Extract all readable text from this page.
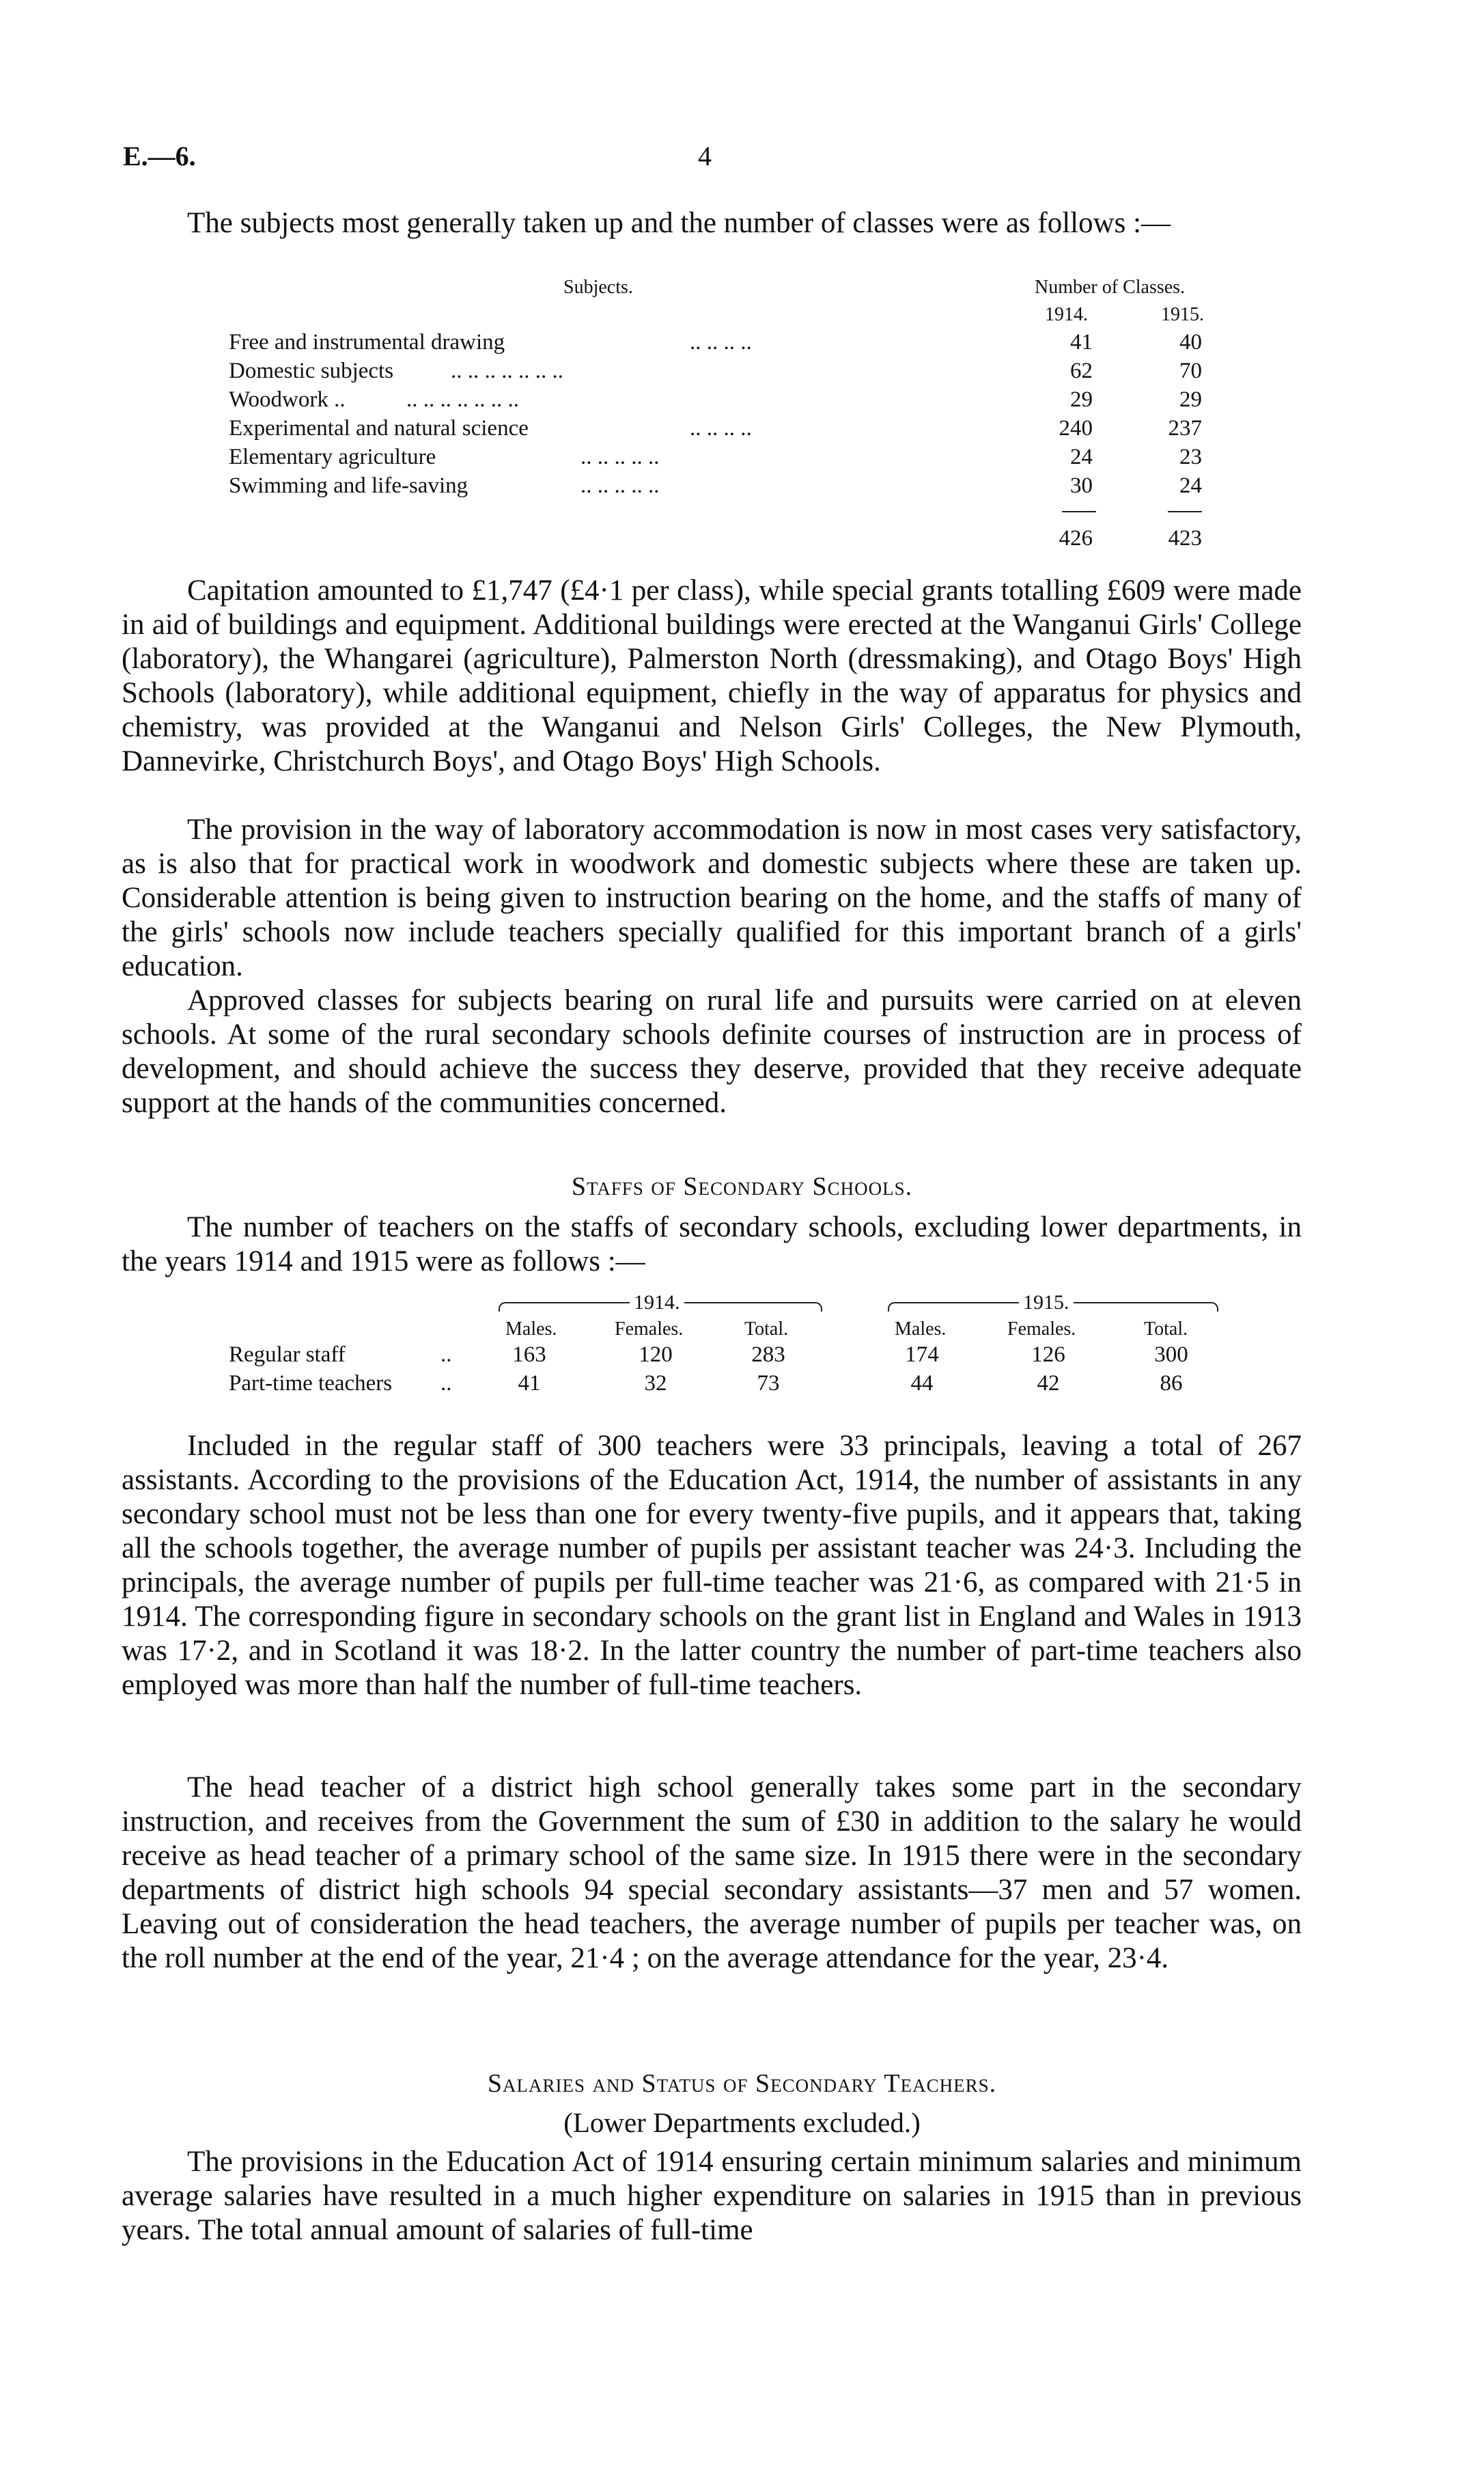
E.—6.	4

The subjects most generally taken up and the number of classes were as follows :—

Subjects.	Number of Classes.
1914.	1915.
Free and instrumental drawing	.. .. .. ..	41	40
Domestic subjects	.. .. .. .. .. .. ..	62	70
Woodwork ..	.. .. .. .. .. .. ..	29	29
Experimental and natural science	.. .. .. ..	240	237
Elementary agriculture	.. .. .. .. ..	24	23
Swimming and life-saving	.. .. .. .. ..	30	24
426	423

Capitation amounted to £1,747 (£4·1 per class), while special grants totalling £609 were made in aid of buildings and equipment. Additional buildings were erected at the Wanganui Girls' College (laboratory), the Whangarei (agriculture), Palmerston North (dressmaking), and Otago Boys' High Schools (laboratory), while additional equipment, chiefly in the way of apparatus for physics and chemistry, was provided at the Wanganui and Nelson Girls' Colleges, the New Plymouth, Dannevirke, Christchurch Boys', and Otago Boys' High Schools.

The provision in the way of laboratory accommodation is now in most cases very satisfactory, as is also that for practical work in woodwork and domestic subjects where these are taken up. Considerable attention is being given to instruction bearing on the home, and the staffs of many of the girls' schools now include teachers specially qualified for this important branch of a girls' education.

Approved classes for subjects bearing on rural life and pursuits were carried on at eleven schools. At some of the rural secondary schools definite courses of instruction are in process of development, and should achieve the success they deserve, provided that they receive adequate support at the hands of the communities concerned.

Staffs of Secondary Schools.

The number of teachers on the staffs of secondary schools, excluding lower departments, in the years 1914 and 1915 were as follows :—

1914.	1915.
Males.	Females.	Total.	Males.	Females.	Total.
Regular staff	..	163	120	283	174	126	300
Part-time teachers ..	41	32	73	44	42	86

Included in the regular staff of 300 teachers were 33 principals, leaving a total of 267 assistants. According to the provisions of the Education Act, 1914, the number of assistants in any secondary school must not be less than one for every twenty-five pupils, and it appears that, taking all the schools together, the average number of pupils per assistant teacher was 24·3. Including the principals, the average number of pupils per full-time teacher was 21·6, as compared with 21·5 in 1914. The corresponding figure in secondary schools on the grant list in England and Wales in 1913 was 17·2, and in Scotland it was 18·2. In the latter country the number of part-time teachers also employed was more than half the number of full-time teachers.

The head teacher of a district high school generally takes some part in the secondary instruction, and receives from the Government the sum of £30 in addition to the salary he would receive as head teacher of a primary school of the same size. In 1915 there were in the secondary departments of district high schools 94 special secondary assistants—37 men and 57 women. Leaving out of consideration the head teachers, the average number of pupils per teacher was, on the roll number at the end of the year, 21·4 ; on the average attendance for the year, 23·4.

Salaries and Status of Secondary Teachers.
(Lower Departments excluded.)

The provisions in the Education Act of 1914 ensuring certain minimum salaries and minimum average salaries have resulted in a much higher expenditure on salaries in 1915 than in previous years. The total annual amount of salaries of full-time
